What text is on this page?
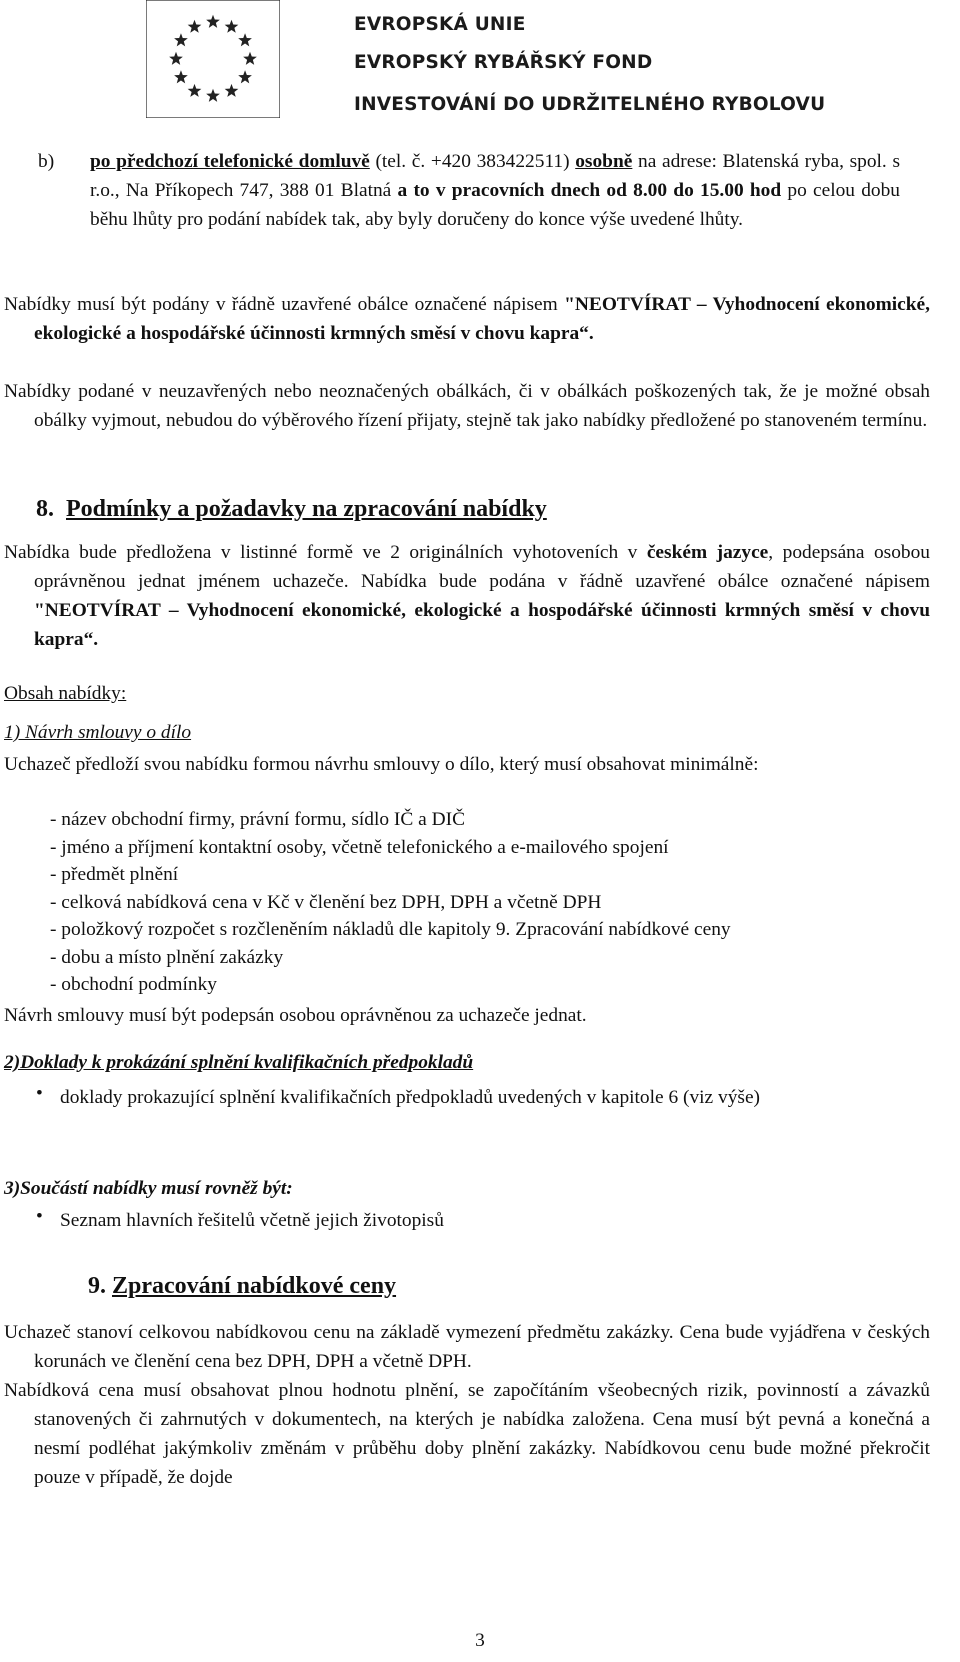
EVROPSKÁ UNIE
EVROPSKÝ RYBÁŘSKÝ FOND
INVESTOVÁNÍ DO UDRŽITELNÉHO RYBOLOVU
b)	po předchozí telefonické domluvě (tel. č. +420 383422511) osobně na adrese: Blatenská ryba, spol. s r.o., Na Příkopech 747, 388 01 Blatná a to v pracovních dnech od 8.00 do 15.00 hod po celou dobu běhu lhůty pro podání nabídek tak, aby byly doručeny do konce výše uvedené lhůty.
Nabídky musí být podány v řádně uzavřené obálce označené nápisem "NEOTVÍRAT – Vyhodnocení ekonomické, ekologické a hospodářské účinnosti krmných směsí v chovu kapra“.
Nabídky podané v neuzavřených nebo neoznačených obálkách, či v obálkách poškozených tak, že je možné obsah obálky vyjmout, nebudou do výběrového řízení přijaty, stejně tak jako nabídky předložené po stanoveném termínu.
8. Podmínky a požadavky na zpracování nabídky
Nabídka bude předložena v listinné formě ve 2 originálních vyhotoveních v českém jazyce, podepsána osobou oprávněnou jednat jménem uchazeče. Nabídka bude podána v řádně uzavřené obálce označené nápisem "NEOTVÍRAT – Vyhodnocení ekonomické, ekologické a hospodářské účinnosti krmných směsí v chovu kapra“.
Obsah nabídky:
1) Návrh smlouvy o dílo
Uchazeč předloží svou nabídku formou návrhu smlouvy o dílo, který musí obsahovat minimálně:
- název obchodní firmy, právní formu, sídlo IČ a DIČ
- jméno a příjmení kontaktní osoby, včetně telefonického a e-mailového spojení
- předmět plnění
- celková nabídková cena v Kč v členění bez DPH, DPH a včetně DPH
- položkový rozpočet s rozčleněním nákladů dle kapitoly 9. Zpracování nabídkové ceny
- dobu a místo plnění zakázky
- obchodní podmínky
Návrh smlouvy musí být podepsán osobou oprávněnou za uchazeče jednat.
2)Doklady k prokázání splnění kvalifikačních předpokladů
• doklady prokazující splnění kvalifikačních předpokladů uvedených v kapitole 6 (viz výše)
3)Součástí nabídky musí rovněž být:
• Seznam hlavních řešitelů včetně jejich životopisů
9. Zpracování nabídkové ceny
Uchazeč stanoví celkovou nabídkovou cenu na základě vymezení předmětu zakázky. Cena bude vyjádřena v českých korunách ve členění cena bez DPH, DPH a včetně DPH.
Nabídková cena musí obsahovat plnou hodnotu plnění, se započítáním všeobecných rizik, povinností a závazků stanovených či zahrnutých v dokumentech, na kterých je nabídka založena. Cena musí být pevná a konečná a nesmí podléhat jakýmkoliv změnám v průběhu doby plnění zakázky. Nabídkovou cenu bude možné překročit pouze v případě, že dojde
3
